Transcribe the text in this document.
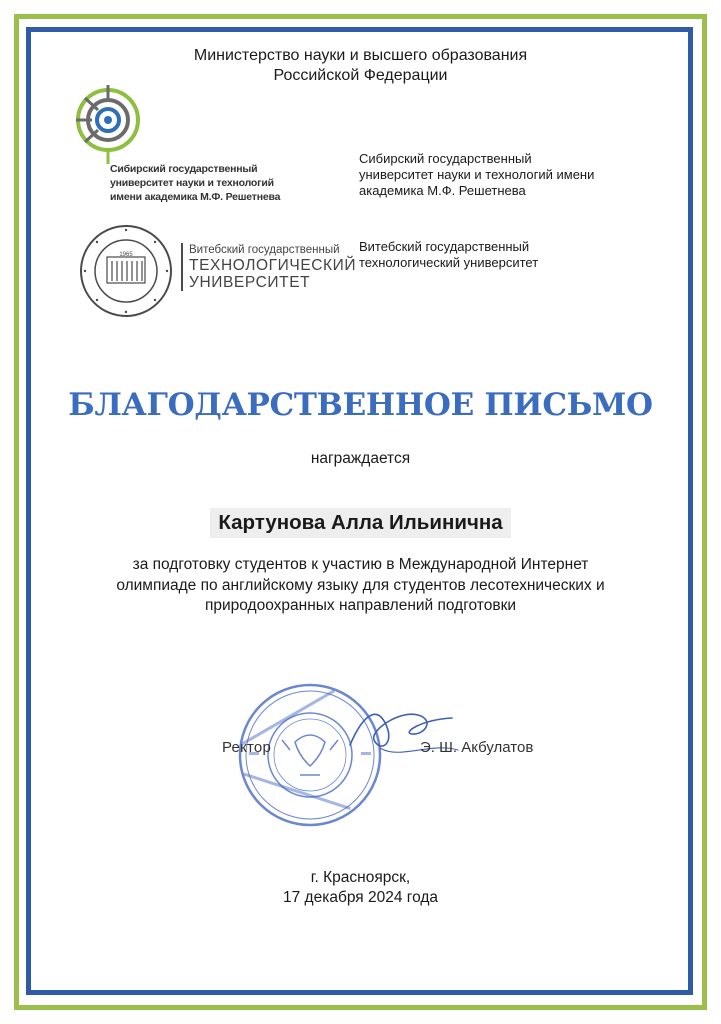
Министерство науки и высшего образования
Российской Федерации
Сибирский государственный
университет науки и технологий
имени академика М.Ф. Решетнева
Сибирский государственный
университет науки и технологий имени
академика М.Ф. Решетнева
1965	Витебский государственный
ТЕХНОЛОГИЧЕСКИЙ
УНИВЕРСИТЕТ
Витебский государственный
технологический университет
БЛАГОДАРСТВЕННОЕ ПИСЬМО
награждается
Картунова Алла Ильинична
за подготовку студентов к участию в Международной Интернет
олимпиаде по английскому языку для студентов лесотехнических и
природоохранных направлений подготовки
Ректор	Э. Ш. Акбулатов
г. Красноярск,
17 декабря 2024 года
